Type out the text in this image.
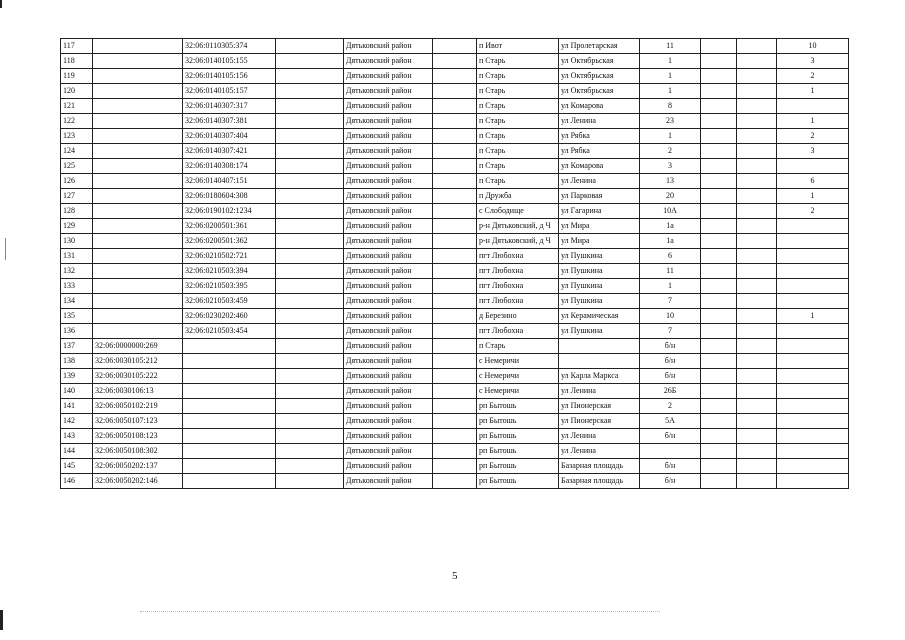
117		32:06:0110305:374		Дятьковский район		п Ивот	ул Пролетарская	11			10
118		32:06:0140105:155		Дятьковский район		п Старь	ул Октябрьская	1			3
119		32:06:0140105:156		Дятьковский район		п Старь	ул Октябрьская	1			2
120		32:06:0140105:157		Дятьковский район		п Старь	ул Октябрьская	1			1
121		32:06:0140307:317		Дятьковский район		п Старь	ул Комарова	8			
122		32:06:0140307:381		Дятьковский район		п Старь	ул Ленина	23			1
123		32:06:0140307:404		Дятьковский район		п Старь	ул Рябка	1			2
124		32:06:0140307:421		Дятьковский район		п Старь	ул Рябка	2			3
125		32:06:0140308:174		Дятьковский район		п Старь	ул Комарова	3			
126		32:06:0140407:151		Дятьковский район		п Старь	ул Ленина	13			6
127		32:06:0180604:308		Дятьковский район		п Дружба	ул Парковая	20			1
128		32:06:0190102:1234		Дятьковский район		с Слободище	ул Гагарина	10А			2
129		32:06:0200501:361		Дятьковский район		р-н Дятьковский, д Ч	ул Мира	1а			
130		32:06:0200501:362		Дятьковский район		р-н Дятьковский, д Ч	ул Мира	1а			
131		32:06:0210502:721		Дятьковский район		пгт Любохна	ул Пушкина	6			
132		32:06:0210503:394		Дятьковский район		пгт Любохна	ул Пушкина	11			
133		32:06:0210503:395		Дятьковский район		пгт Любохна	ул Пушкина	1			
134		32:06:0210503:459		Дятьковский район		пгт Любохна	ул Пушкина	7			
135		32:06:0230202:460		Дятьковский район		д Березино	ул Керамическая	10			1
136		32:06:0210503:454		Дятьковский район		пгт Любохна	ул Пушкина	7			
137	32:06:0000000:269			Дятьковский район		п Старь		б/н			
138	32:06:0030105:212			Дятьковский район		с Немеричи		б/н			
139	32:06:0030105:222			Дятьковский район		с Немеричи	ул Карла Маркса	б/н			
140	32:06:0030106:13			Дятьковский район		с Немеричи	ул Ленина	26Б			
141	32:06:0050102:219			Дятьковский район		рп Бытошь	ул Пионерская	2			
142	32:06:0050107:123			Дятьковский район		рп Бытошь	ул Пионерская	5А			
143	32:06:0050108:123			Дятьковский район		рп Бытошь	ул Ленина	б/н			
144	32:06:0050108:302			Дятьковский район		рп Бытошь	ул Ленина				
145	32:06:0050202:137			Дятьковский район		рп Бытошь	Базарная площадь	б/н			
146	32:06:0050202:146			Дятьковский район		рп Бытошь	Базарная площадь	б/н			
5
